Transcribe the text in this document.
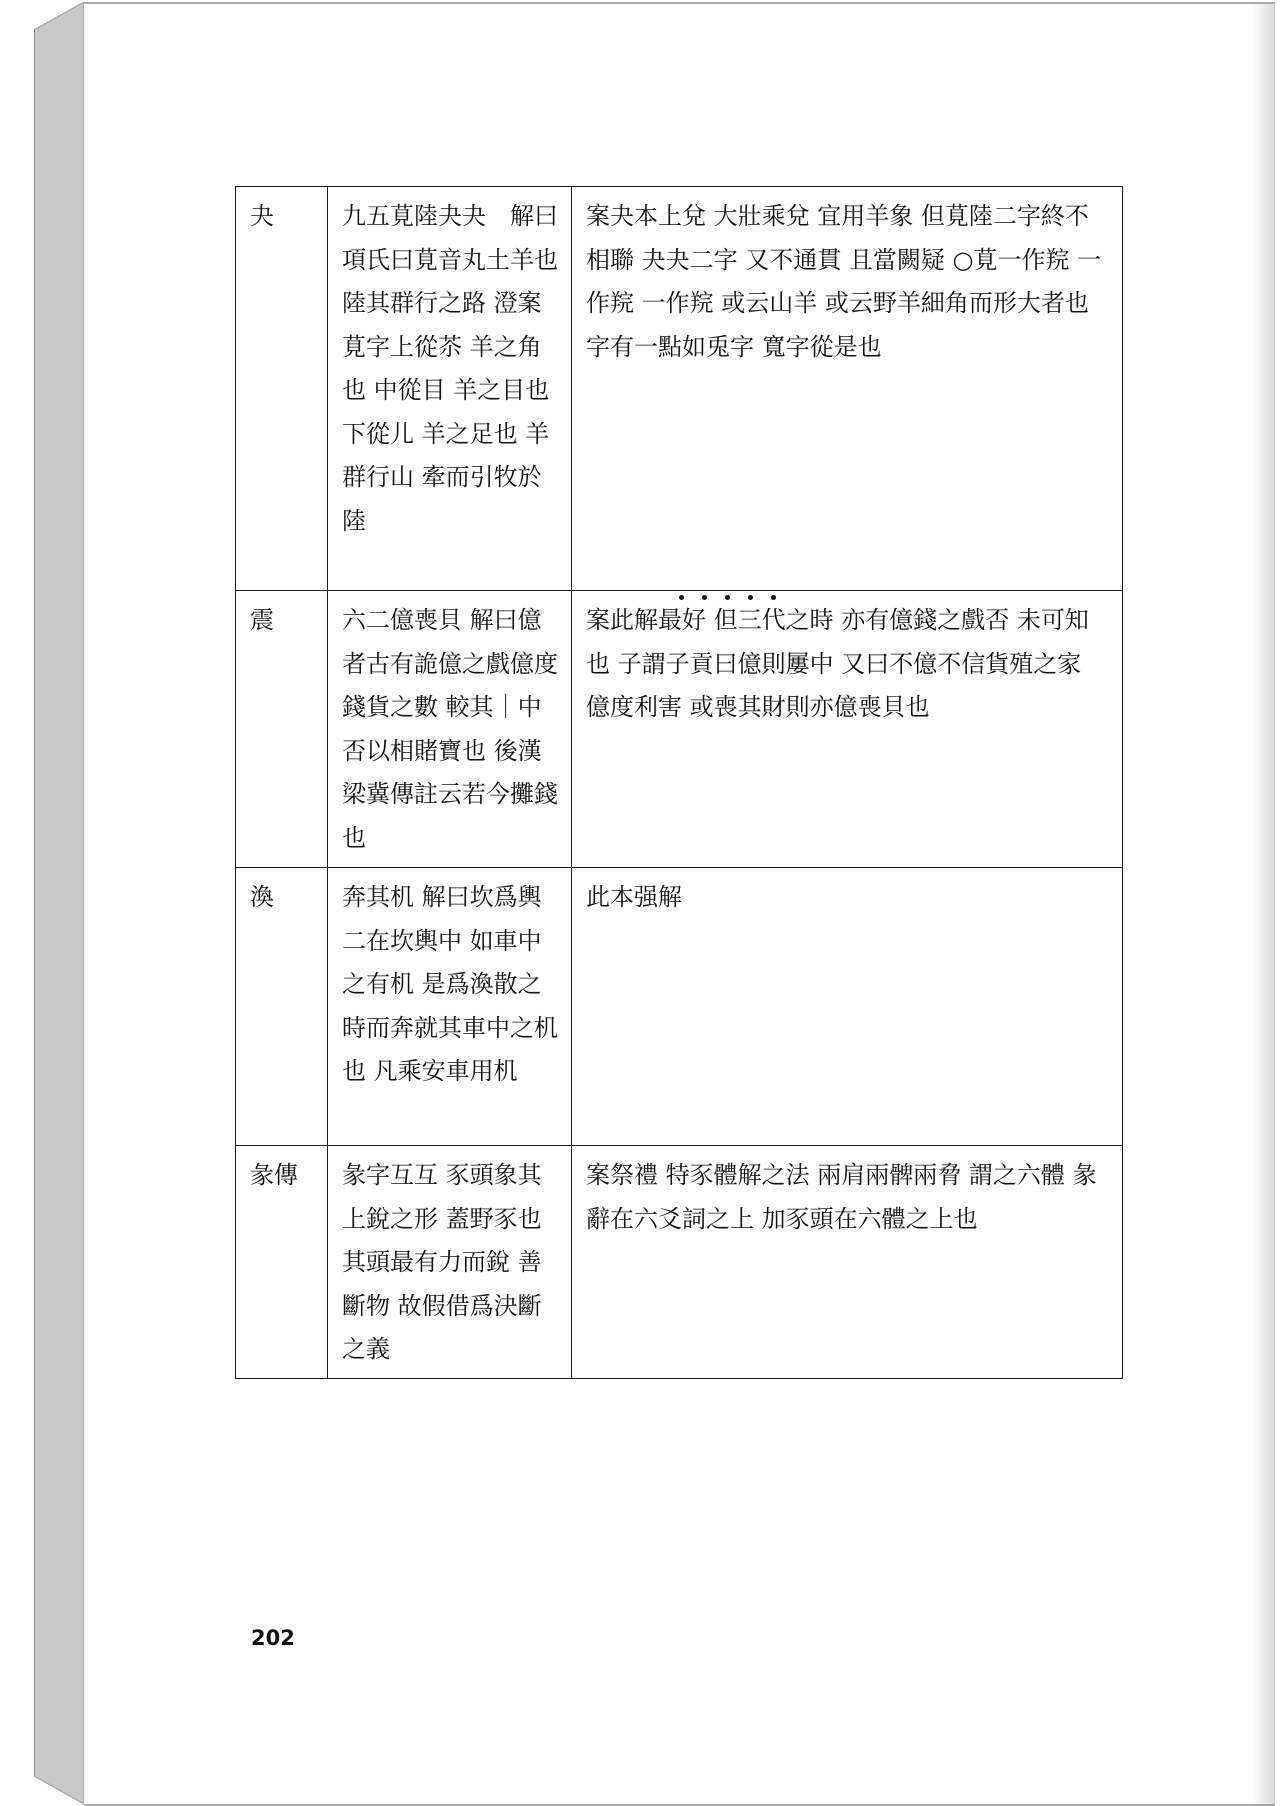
夬	九五莧陸夬夬　解曰項氏曰莧音丸土羊也 陸其群行之路 澄案莧字上從苶 羊之角也 中從目 羊之目也 下從儿 羊之足也 羊群行山 牽而引牧於陸	案夬本上兌 大壯乘兌 宜用羊象 但莧陸二字終不相聯 夬夬二字 又不通貫 且當闕疑 ○莧一作羦 一作羦 一作羦 或云山羊 或云野羊細角而形大者也 字有一點如兎字 寬字從是也
震	六二億喪貝 解曰億者古有詭億之戲億度錢貨之數 較其｜中否以相賭寶也 後漢梁冀傳註云若今攤錢也	案此解最好 但三代之時 亦有億錢之戲否 未可知也 子謂子貢曰億則屢中 又曰不億不信貨殖之家 億度利害 或喪其財則亦億喪貝也
渙	奔其机 解曰坎爲輿 二在坎輿中 如車中之有机 是爲渙散之時而奔就其車中之机也 凡乘安車用机	此本强解
彖傳	彖字互互 豕頭象其上銳之形 蓋野豕也 其頭最有力而銳 善斷物 故假借爲決斷之義	案祭禮 特豕體解之法 兩肩兩髀兩脅 謂之六體 彖辭在六爻詞之上 加豕頭在六體之上也
202
